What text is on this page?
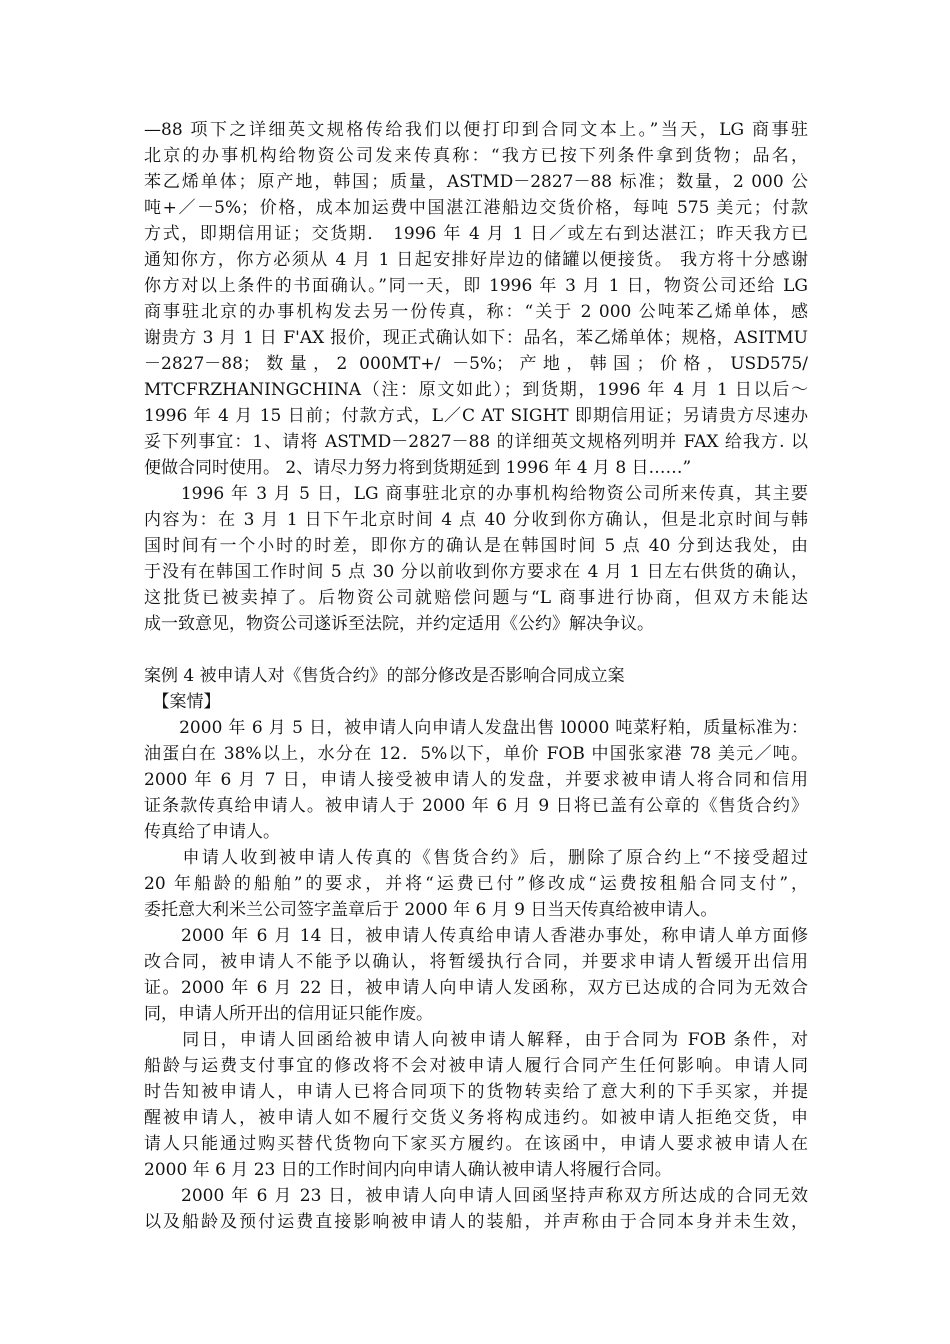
—88 项下之详细英文规格传给我们以便打印到合同文本上。”当天，LG 商事驻
北京的办事机构给物资公司发来传真称：“我方已按下列条件拿到货物；品名，
苯乙烯单体；原产地，韩国；质量，ASTMD－2827－88 标准；数量，2 000 公
吨+／－5%；价格，成本加运费中国湛江港船边交货价格，每吨 575 美元；付款
方式，即期信用证；交货期． 1996 年 4 月 1 日／或左右到达湛江；昨天我方已
通知你方，你方必须从 4 月 1 日起安排好岸边的储罐以便接货。 我方将十分感谢
你方对以上条件的书面确认。”同一天，即 1996 年 3 月 1 日，物资公司还给 LG
商事驻北京的办事机构发去另一份传真，称：“关于 2 000 公吨苯乙烯单体，感
谢贵方 3 月 1 日 F'AX 报价，现正式确认如下：品名，苯乙烯单体；规格，ASITMU
－2827－88；数量，2 000MT+/ －5%；产地，韩国；价格，USD575/
MTCFRZHANINGCHINA（注：原文如此）；到货期，1996 年 4 月 1 日以后～
1996 年 4 月 15 日前；付款方式，L／C AT SIGHT 即期信用证；另请贵方尽速办
妥下列事宜：1、请将 ASTMD－2827－88 的详细英文规格列明并 FAX 给我方. 以
便做合同时使用。 2、请尽力努力将到货期延到 1996 年 4 月 8 日……”
　　1996 年 3 月 5 日，LG 商事驻北京的办事机构给物资公司所来传真，其主要
内容为：在 3 月 1 日下午北京时间 4 点 40 分收到你方确认，但是北京时间与韩
国时间有一个小时的时差，即你方的确认是在韩国时间 5 点 40 分到达我处，由
于没有在韩国工作时间 5 点 30 分以前收到你方要求在 4 月 1 日左右供货的确认，
这批货已被卖掉了。后物资公司就赔偿问题与“L 商事进行协商，但双方未能达
成一致意见，物资公司遂诉至法院，并约定适用《公约》解决争议。
案例 4 被申请人对《售货合约》的部分修改是否影响合同成立案
　【案情】
　　2000 年 6 月 5 日，被申请人向申请人发盘出售 l0000 吨菜籽粕，质量标准为：
油蛋白在 38%以上，水分在 12．5%以下，单价 FOB 中国张家港 78 美元／吨。
2000 年 6 月 7 日，申请人接受被申请人的发盘，并要求被申请人将合同和信用
证条款传真给申请人。被申请人于 2000 年 6 月 9 日将已盖有公章的《售货合约》
传真给了申请人。
　　申请人收到被申请人传真的《售货合约》后，删除了原合约上“不接受超过
20 年船龄的船舶”的要求，并将“运费已付”修改成“运费按租船合同支付”，
委托意大利米兰公司签字盖章后于 2000 年 6 月 9 日当天传真给被申请人。
　　2000 年 6 月 14 日，被申请人传真给申请人香港办事处，称申请人单方面修
改合同，被申请人不能予以确认，将暂缓执行合同，并要求申请人暂缓开出信用
证。2000 年 6 月 22 日，被申请人向申请人发函称，双方已达成的合同为无效合
同，申请人所开出的信用证只能作废。
　　同日，申请人回函给被申请人向被申请人解释，由于合同为 FOB 条件，对
船龄与运费支付事宜的修改将不会对被申请人履行合同产生任何影响。申请人同
时告知被申请人，申请人已将合同项下的货物转卖给了意大利的下手买家，并提
醒被申请人，被申请人如不履行交货义务将构成违约。如被申请人拒绝交货，申
请人只能通过购买替代货物向下家买方履约。在该函中，申请人要求被申请人在
2000 年 6 月 23 日的工作时间内向申请人确认被申请人将履行合同。
　　2000 年 6 月 23 日，被申请人向申请人回函坚持声称双方所达成的合同无效
以及船龄及预付运费直接影响被申请人的装船，并声称由于合同本身并未生效，
